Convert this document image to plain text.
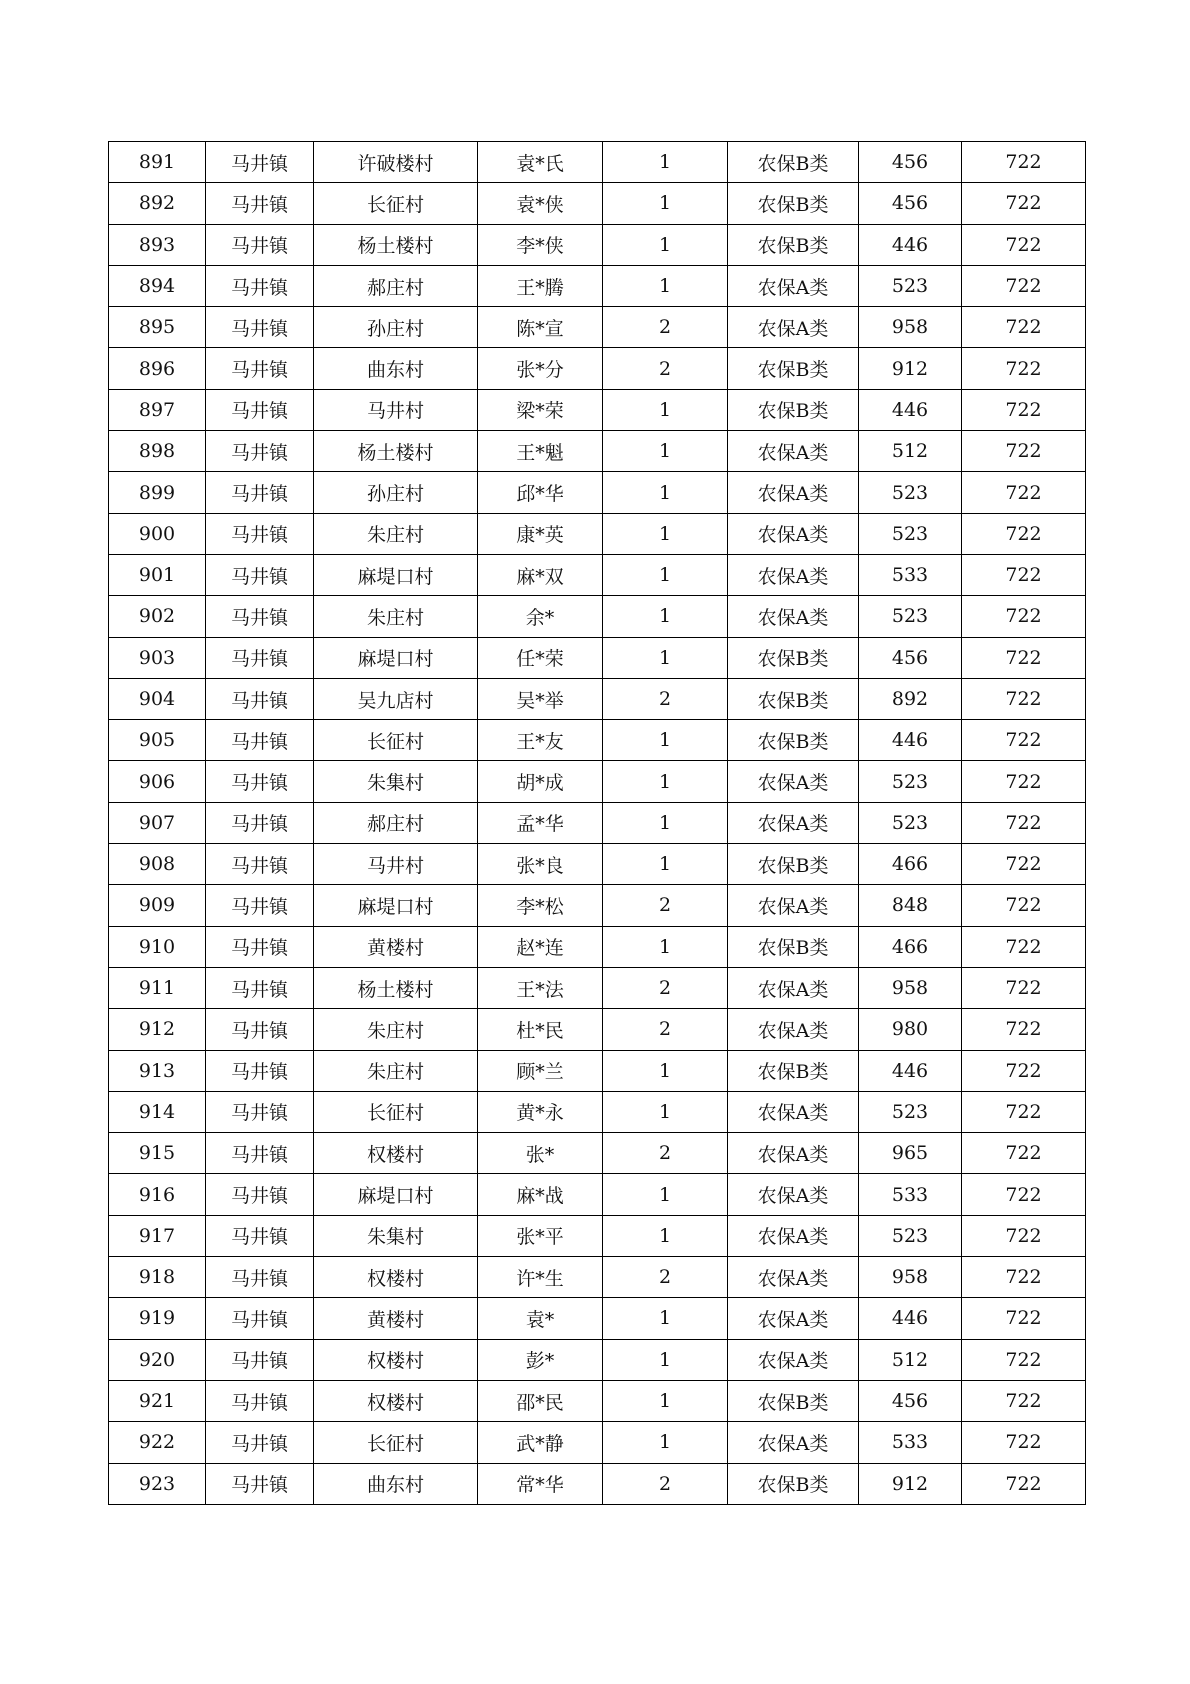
891	马井镇	许破楼村	袁*氏	1	农保B类	456	722
892	马井镇	长征村	袁*侠	1	农保B类	456	722
893	马井镇	杨土楼村	李*侠	1	农保B类	446	722
894	马井镇	郝庄村	王*腾	1	农保A类	523	722
895	马井镇	孙庄村	陈*宣	2	农保A类	958	722
896	马井镇	曲东村	张*分	2	农保B类	912	722
897	马井镇	马井村	梁*荣	1	农保B类	446	722
898	马井镇	杨土楼村	王*魁	1	农保A类	512	722
899	马井镇	孙庄村	邱*华	1	农保A类	523	722
900	马井镇	朱庄村	康*英	1	农保A类	523	722
901	马井镇	麻堤口村	麻*双	1	农保A类	533	722
902	马井镇	朱庄村	余*	1	农保A类	523	722
903	马井镇	麻堤口村	任*荣	1	农保B类	456	722
904	马井镇	吴九店村	吴*举	2	农保B类	892	722
905	马井镇	长征村	王*友	1	农保B类	446	722
906	马井镇	朱集村	胡*成	1	农保A类	523	722
907	马井镇	郝庄村	孟*华	1	农保A类	523	722
908	马井镇	马井村	张*良	1	农保B类	466	722
909	马井镇	麻堤口村	李*松	2	农保A类	848	722
910	马井镇	黄楼村	赵*连	1	农保B类	466	722
911	马井镇	杨土楼村	王*法	2	农保A类	958	722
912	马井镇	朱庄村	杜*民	2	农保A类	980	722
913	马井镇	朱庄村	顾*兰	1	农保B类	446	722
914	马井镇	长征村	黄*永	1	农保A类	523	722
915	马井镇	权楼村	张*	2	农保A类	965	722
916	马井镇	麻堤口村	麻*战	1	农保A类	533	722
917	马井镇	朱集村	张*平	1	农保A类	523	722
918	马井镇	权楼村	许*生	2	农保A类	958	722
919	马井镇	黄楼村	袁*	1	农保A类	446	722
920	马井镇	权楼村	彭*	1	农保A类	512	722
921	马井镇	权楼村	邵*民	1	农保B类	456	722
922	马井镇	长征村	武*静	1	农保A类	533	722
923	马井镇	曲东村	常*华	2	农保B类	912	722
